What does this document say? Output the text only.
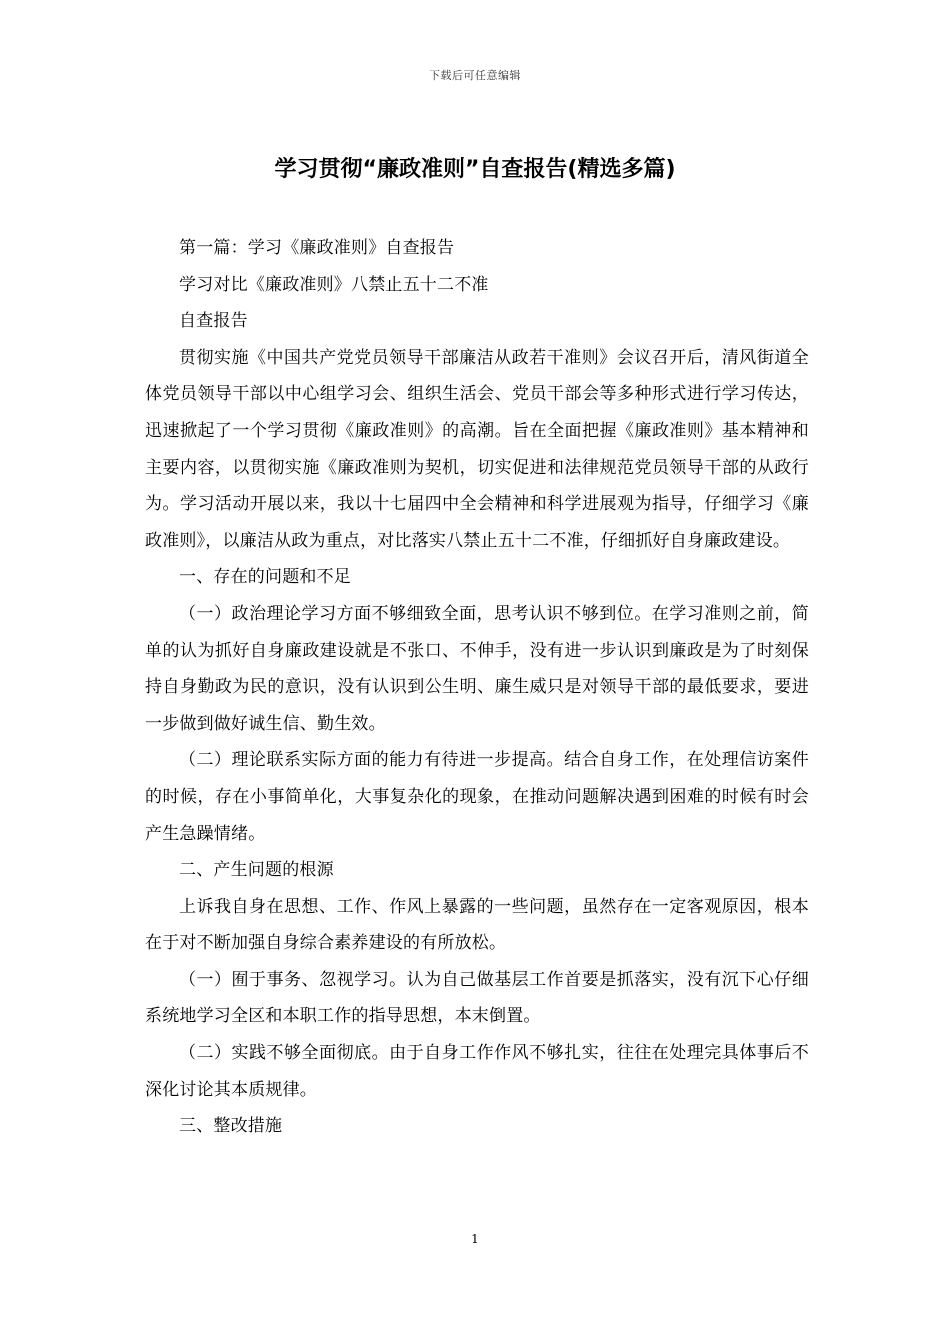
下载后可任意编辑
学习贯彻“廉政准则”自查报告(精选多篇)

第一篇：学习《廉政准则》自查报告

学习对比《廉政准则》八禁止五十二不准

自查报告

贯彻实施《中国共产党党员领导干部廉洁从政若干准则》会议召开后，清风街道全体党员领导干部以中心组学习会、组织生活会、党员干部会等多种形式进行学习传达，迅速掀起了一个学习贯彻《廉政准则》的高潮。旨在全面把握《廉政准则》基本精神和主要内容，以贯彻实施《廉政准则为契机，切实促进和法律规范党员领导干部的从政行为。学习活动开展以来，我以十七届四中全会精神和科学进展观为指导，仔细学习《廉政准则》，以廉洁从政为重点，对比落实八禁止五十二不准，仔细抓好自身廉政建设。

一、存在的问题和不足

（一）政治理论学习方面不够细致全面，思考认识不够到位。在学习准则之前，简单的认为抓好自身廉政建设就是不张口、不伸手，没有进一步认识到廉政是为了时刻保持自身勤政为民的意识，没有认识到公生明、廉生威只是对领导干部的最低要求，要进一步做到做好诚生信、勤生效。

（二）理论联系实际方面的能力有待进一步提高。结合自身工作，在处理信访案件的时候，存在小事简单化，大事复杂化的现象，在推动问题解决遇到困难的时候有时会产生急躁情绪。

二、产生问题的根源

上诉我自身在思想、工作、作风上暴露的一些问题，虽然存在一定客观原因，根本在于对不断加强自身综合素养建设的有所放松。

（一）囿于事务、忽视学习。认为自己做基层工作首要是抓落实，没有沉下心仔细系统地学习全区和本职工作的指导思想，本末倒置。

（二）实践不够全面彻底。由于自身工作作风不够扎实，往往在处理完具体事后不深化讨论其本质规律。

三、整改措施

1
